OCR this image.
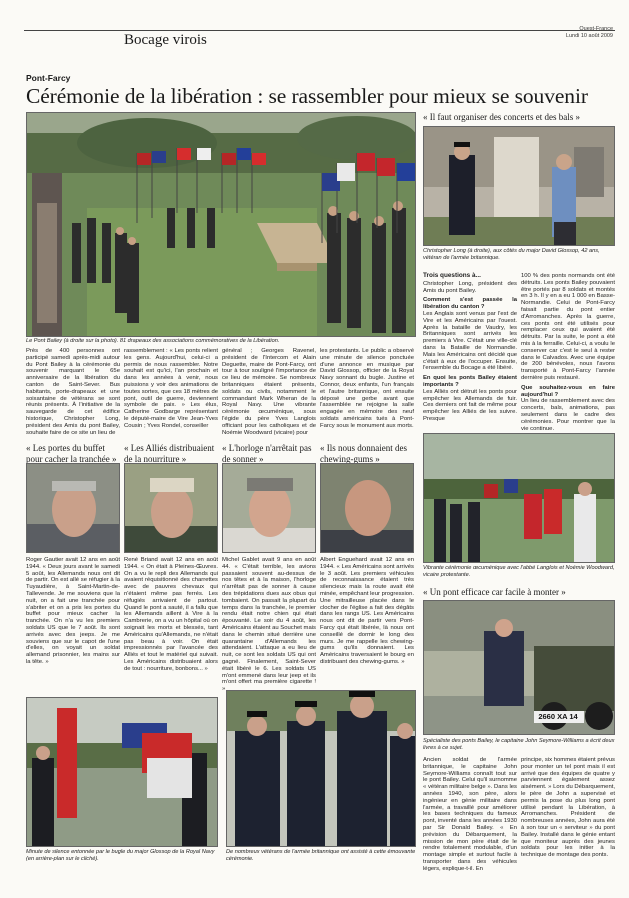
Bocage virois
Ouest-France
Lundi 10 août 2009
Pont-Farcy
Cérémonie de la libération : se rassembler pour mieux se souvenir
Le Pont Bailey (à droite sur la photo). 81 drapeaux des associations commémoratives de la Libération.
Près de 400 personnes ont participé samedi après-midi autour du Pont Bailey à la cérémonie du souvenir marquant le 65e anniversaire de la libération du canton de Saint-Sever. Bus habitants, porte-drapeaux et une soixantaine de vétérans se sont réunis présents. À l'initiative de la sauvegarde de cet édifice historique, Christopher Long, président des Amis du pont Bailey, souhaite faire de ce site un lieu de
rassemblement : « Les ponts relient les gens. Aujourd'hui, celui-ci a permis de nous rassembler. Notre souhait est qu'ici, l'an prochain et dans les années à venir, nous puissions y voir des animations de toutes sortes, que ces 18 mètres de pont, outil de guerre, deviennent symbole de paix. » Les élus, Catherine Godbarge représentant le député-maire de Vire Jean-Yves Cousin ; Yves Rondel, conseiller
général ; Georges Ravenel, président de l'Intercom et Alain Deguette, maire de Pont-Farcy, ont tour à tour souligné l'importance de ce lieu de mémoire. Se nombreux britanniques étaient présents, soldats ou civils, notamment le commandant Mark Wheran de la Royal Navy. Une vibrante cérémonie œcuménique, sous l'égide du père Yves Langlois officiant pour les catholiques et de Noémie Woodward (vicaire) pour
les protestants. Le public a observé une minute de silence ponctuée d'une annonce en musique par David Glossop, officier de la Royal Navy sonnant du bugle. Justine et Connor, deux enfants, l'un français et l'autre britannique, ont ensuite déposé une gerbe avant que l'assemblée ne rejoigne la salle engagée en mémoire des neuf soldats américains tués à Pont-Farcy sous le monument aux morts.
« Il faut organiser des concerts et des bals »
Christopher Long (à droite), aux côtés du major David Glossop, 42 ans, vétéran de l'armée britannique.
Trois questions à...
Christopher Long, président des Amis du pont Bailey.
Comment s'est passée la libération du canton ?
Les Anglais sont venus par l'est de Vire et les Américains par l'ouest. Après la bataille de Vaudry, les Britanniques sont arrivés les premiers à Vire. C'était une ville-clé dans la Bataille de Normandie. Mais les Américains ont décidé que c'était à eux de l'occuper. Ensuite, l'ensemble du Bocage a été libéré.
En quoi les ponts Bailey étaient importants ?
Les Alliés ont détruit les ponts pour empêcher les Allemands de fuir. Ces derniers ont fait de même pour empêcher les Alliés de les suivre. Presque
100 % des ponts normands ont été détruits. Les ponts Bailey pouvaient être portés par 8 soldats et montés en 3 h. Il y en a eu 1 000 en Basse-Normandie. Celui de Pont-Farcy faisait partie du pont entier d'Arromanches. Après la guerre, ces ponts ont été utilisés pour remplacer ceux qui avaient été détruits. Par la suite, le pont a été mis à la ferraille. Celui-ci, a voulu le conserver car c'est le seul à rester dans le Calvados. Avec une équipe de 200 bénévoles, nous l'avons transporté à Pont-Farcy l'année dernière puis restauré.
Que souhaitez-vous en faire aujourd'hui ?
Un lieu de rassemblement avec des concerts, bals, animations, pas seulement dans le cadre des cérémonies. Pour montrer que la vie continue.
« Les portes du buffet pour cacher la tranchée »
« Les Alliés distribuaient de la nourriture »
« L'horloge n'arrêtait pas de sonner »
« Ils nous donnaient des chewing-gums »
Roger Gautier avait 12 ans en août 1944. « Deux jours avant le samedi 5 août, les Allemands nous ont dit de partir. On est allé se réfugier à la Tuyaudière, à Saint-Martin-de-Tallevende. Je me souviens que la nuit, on a fait une tranchée pour s'abriter et on a pris les portes du buffet pour mieux cacher la tranchée. On n'a vu les premiers soldats US que le 7 août. Ils sont arrivés avec des jeeps. Je me souviens que sur le capot de l'une d'elles, on voyait un soldat allemand prisonnier, les mains sur la tête. »
René Briand avait 12 ans en août 1944. « On était à Pleines-Œuvres. On a vu le repli des Allemands qui avaient réquisitionné des charrettes avec de pauvres chevaux qui n'étaient même pas ferrés. Les réfugiés arrivaient de partout. Quand le pont a sauté, il a fallu que les Allemands aillent à Vire à la Cambrerie, on a vu un hôpital où on soignait les morts et blessés, tant Américains qu'Allemands, ne n'était pas beau à voir. On était impressionnés par l'avancée des Alliés et tout le matériel qui suivait. Les Américains distribuaient alors de tout : nourriture, bonbons... »
Michel Gablet avait 9 ans en août 44. « C'était terrible, les avions passaient souvent au-dessus de nos têtes et à la maison, l'horloge n'arrêtait pas de sonner à cause des trépidations dues aux obus qui tombaient. On passait la plupart du temps dans la tranchée, le premier rendu était notre chien qui était épouvanté. Le soir du 4 août, les Américains étaient au Souchet mais dans le chemin situé derrière une quarantaine d'Allemands les attendaient. L'attaque a eu lieu de nuit, ce sont les soldats US qui ont gagné. Finalement, Saint-Sever était libéré le 6. Les soldats US m'ont emmené dans leur jeep et ils m'ont offert ma première cigarette ! »
Albert Enguehard avait 12 ans en 1944. « Les Américains sont arrivés le 3 août. Les premiers véhicules de reconnaissance étaient très silencieux mais la route avait été minée, empêchant leur progression. Une mitrailleuse placée dans le clocher de l'église a fait des dégâts dans les rangs US. Les Américains nous ont dit de partir vers Pont-Farcy qui était libérée, là nous ont conseillé de dormir le long des murs. Je me rappelle les chewing-gums qu'ils donnaient. Les Américains traversaient le bourg en distribuant des chewing-gums. »
Vibrante cérémonie œcuménique avec l'abbé Langlois et Noémie Woodward, vicaire protestante.
« Un pont efficace car facile à monter »
2660 XA 14
Spécialiste des ponts Bailey, le capitaine John Seymore-Williams a écrit deux livres à ce sujet.
Ancien soldat de l'armée britannique, le capitaine John Seymore-Williams connaît tout sur le pont Bailey. Celui qu'il surnomme « vétéran militaire belge ». Dans les années 1940, son père, alors ingénieur en génie militaire dans l'armée, a travaillé pour améliorer les bases techniques du fameux pont, inventé dans les années 1930 par Sir Donald Bailey. « En prévision du Débarquement, la mission de mon père était de le rendre totalement modulable, d'un montage simple et surtout facile à transporter dans des véhicules légers, explique-t-il. En
principe, six hommes étaient prévus pour monter un tel pont mais il est arrivé que des équipes de quatre y parviennent également assez aisément. » Lors du Débarquement, le père de John a supervisé et permis la pose du plus long pont utilisé pendant la Libération, à Arromanches. Président de nombreuses années, John aura été à son tour un « serviteur » du pont Bailey. Installé dans le génie entant que moniteur auprès des jeunes soldats pour les initier à la technique de montage des ponts.
Minute de silence entonnée par le bugle du major Glossop de la Royal Navy (en arrière-plan sur le cliché).
De nombreux vétérans de l'armée britannique ont assisté à cette émouvante cérémonie.
